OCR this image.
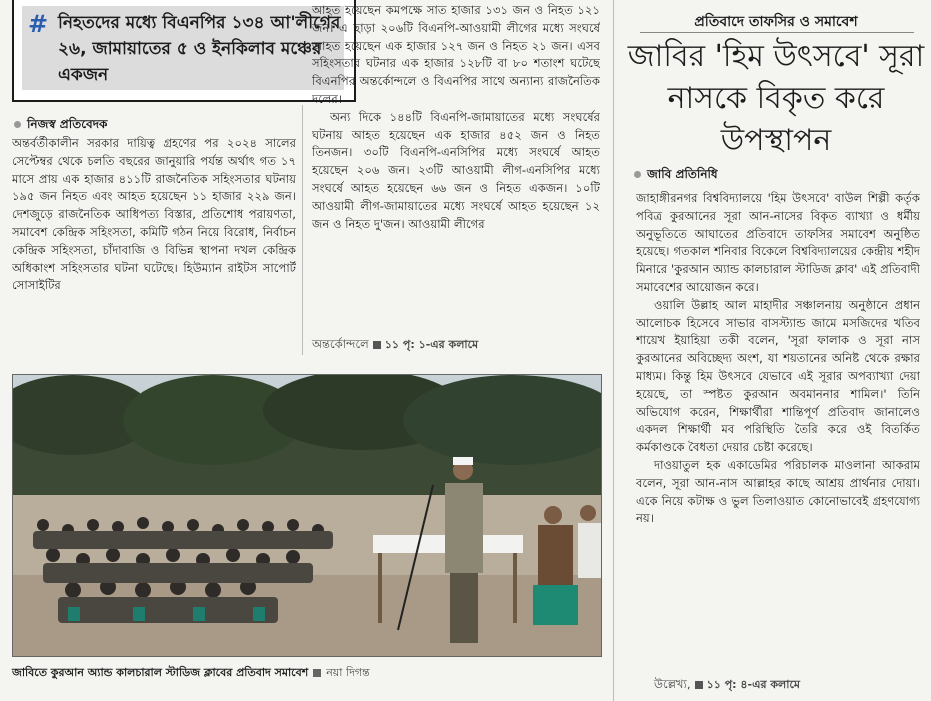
# নিহতদের মধ্যে বিএনপির ১৩৪ আ'লীগের ২৬, জামায়াতের ৫ ও ইনকিলাব মঞ্চের একজন
নিজস্ব প্রতিবেদক

অন্তর্বর্তীকালীন সরকার দায়িত্ব গ্রহণের পর ২০২৪ সালের সেপ্টেম্বর থেকে চলতি বছরের জানুয়ারি পর্যন্ত অর্থাৎ গত ১৭ মাসে প্রায় এক হাজার ৪১১টি রাজনৈতিক সহিংসতার ঘটনায় ১৯৫ জন নিহত এবং আহত হয়েছেন ১১ হাজার ২২৯ জন। দেশজুড়ে রাজনৈতিক আধিপত্য বিস্তার, প্রতিশোধ পরায়ণতা, সমাবেশ কেন্দ্রিক সহিংসতা, কমিটি গঠন নিয়ে বিরোধ, নির্বাচন কেন্দ্রিক সহিংসতা, চাঁদাবাজি ও বিভিন্ন স্থাপনা দখল কেন্দ্রিক অধিকাংশ সহিংসতার ঘটনা ঘটেছে। হিউম্যান রাইটস সাপোর্ট সোসাইটির

আহত হয়েছেন কমপক্ষে সাত হাজার ১৩১ জন ও নিহত ১২১ জন। এ ছাড়া ২০৬টি বিএনপি-আওয়ামী লীগের মধ্যে সংঘর্ষে আহত হয়েছেন এক হাজার ১২৭ জন ও নিহত ২১ জন। এসব সহিংসতার ঘটনার এক হাজার ১২৮টি বা ৮০ শতাংশ ঘটেছে বিএনপির অন্তর্কোন্দলে ও বিএনপির সাথে অন্যান্য রাজনৈতিক দলের।

অন্য দিকে ১৪৪টি বিএনপি-জামায়াতের মধ্যে সংঘর্ষের ঘটনায় আহত হয়েছেন এক হাজার ৪৫২ জন ও নিহত তিনজন। ৩০টি বিএনপি-এনসিপির মধ্যে সংঘর্ষে আহত হয়েছেন ২০৬ জন। ২৩টি আওয়ামী লীগ-এনসিপির মধ্যে সংঘর্ষে আহত হয়েছেন ৬৬ জন ও নিহত একজন। ১০টি আওয়ামী লীগ-জামায়াতের মধ্যে সংঘর্ষে আহত হয়েছেন ১২ জন ও নিহত দু'জন। আওয়ামী লীগের

অন্তর্কোন্দলে ১১ পৃ: ১-এর কলামে
জাবিতে কুরআন অ্যান্ড কালচারাল স্টাডিজ ক্লাবের প্রতিবাদ সমাবেশ নয়া দিগন্ত
প্রতিবাদে তাফসির ও সমাবেশ
জাবির 'হিম উৎসবে' সূরা নাসকে বিকৃত করে উপস্থাপন
জাবি প্রতিনিধি

জাহাঙ্গীরনগর বিশ্ববিদ্যালয়ে 'হিম উৎসবে' বাউল শিল্পী কর্তৃক পবিত্র কুরআনের সূরা আন-নাসের বিকৃত ব্যাখ্যা ও ধর্মীয় অনুভূতিতে আঘাতের প্রতিবাদে তাফসির সমাবেশ অনুষ্ঠিত হয়েছে। গতকাল শনিবার বিকেলে বিশ্ববিদ্যালয়ের কেন্দ্রীয় শহীদ মিনারে 'কুরআন অ্যান্ড কালচারাল স্টাডিজ ক্লাব' এই প্রতিবাদী সমাবেশের আয়োজন করে।

ওয়ালি উল্লাহ আল মাহাদীর সঞ্চালনায় অনুষ্ঠানে প্রধান আলোচক হিসেবে সাভার বাসস্ট্যান্ড জামে মসজিদের খতিব শায়েখ ইয়াহিয়া তকী বলেন, 'সূরা ফালাক ও সূরা নাস কুরআনের অবিচ্ছেদ্য অংশ, যা শয়তানের অনিষ্ট থেকে রক্ষার মাধ্যম। কিন্তু হিম উৎসবে যেভাবে এই সূরার অপব্যাখ্যা দেয়া হয়েছে, তা স্পষ্টত কুরআন অবমাননার শামিল।' তিনি অভিযোগ করেন, শিক্ষার্থীরা শান্তিপূর্ণ প্রতিবাদ জানালেও একদল শিক্ষার্থী মব পরিস্থিতি তৈরি করে ওই বিতর্কিত কর্মকাণ্ডকে বৈধতা দেয়ার চেষ্টা করেছে।

দাওয়াতুল হক একাডেমির পরিচালক মাওলানা আকরাম বলেন, সূরা আন-নাস আল্লাহর কাছে আশ্রয় প্রার্থনার দোয়া। একে নিয়ে কটাক্ষ ও ভুল তিলাওয়াত কোনোভাবেই গ্রহণযোগ্য নয়।

উল্লেখ্য, ১১ পৃ: ৪-এর কলামে
